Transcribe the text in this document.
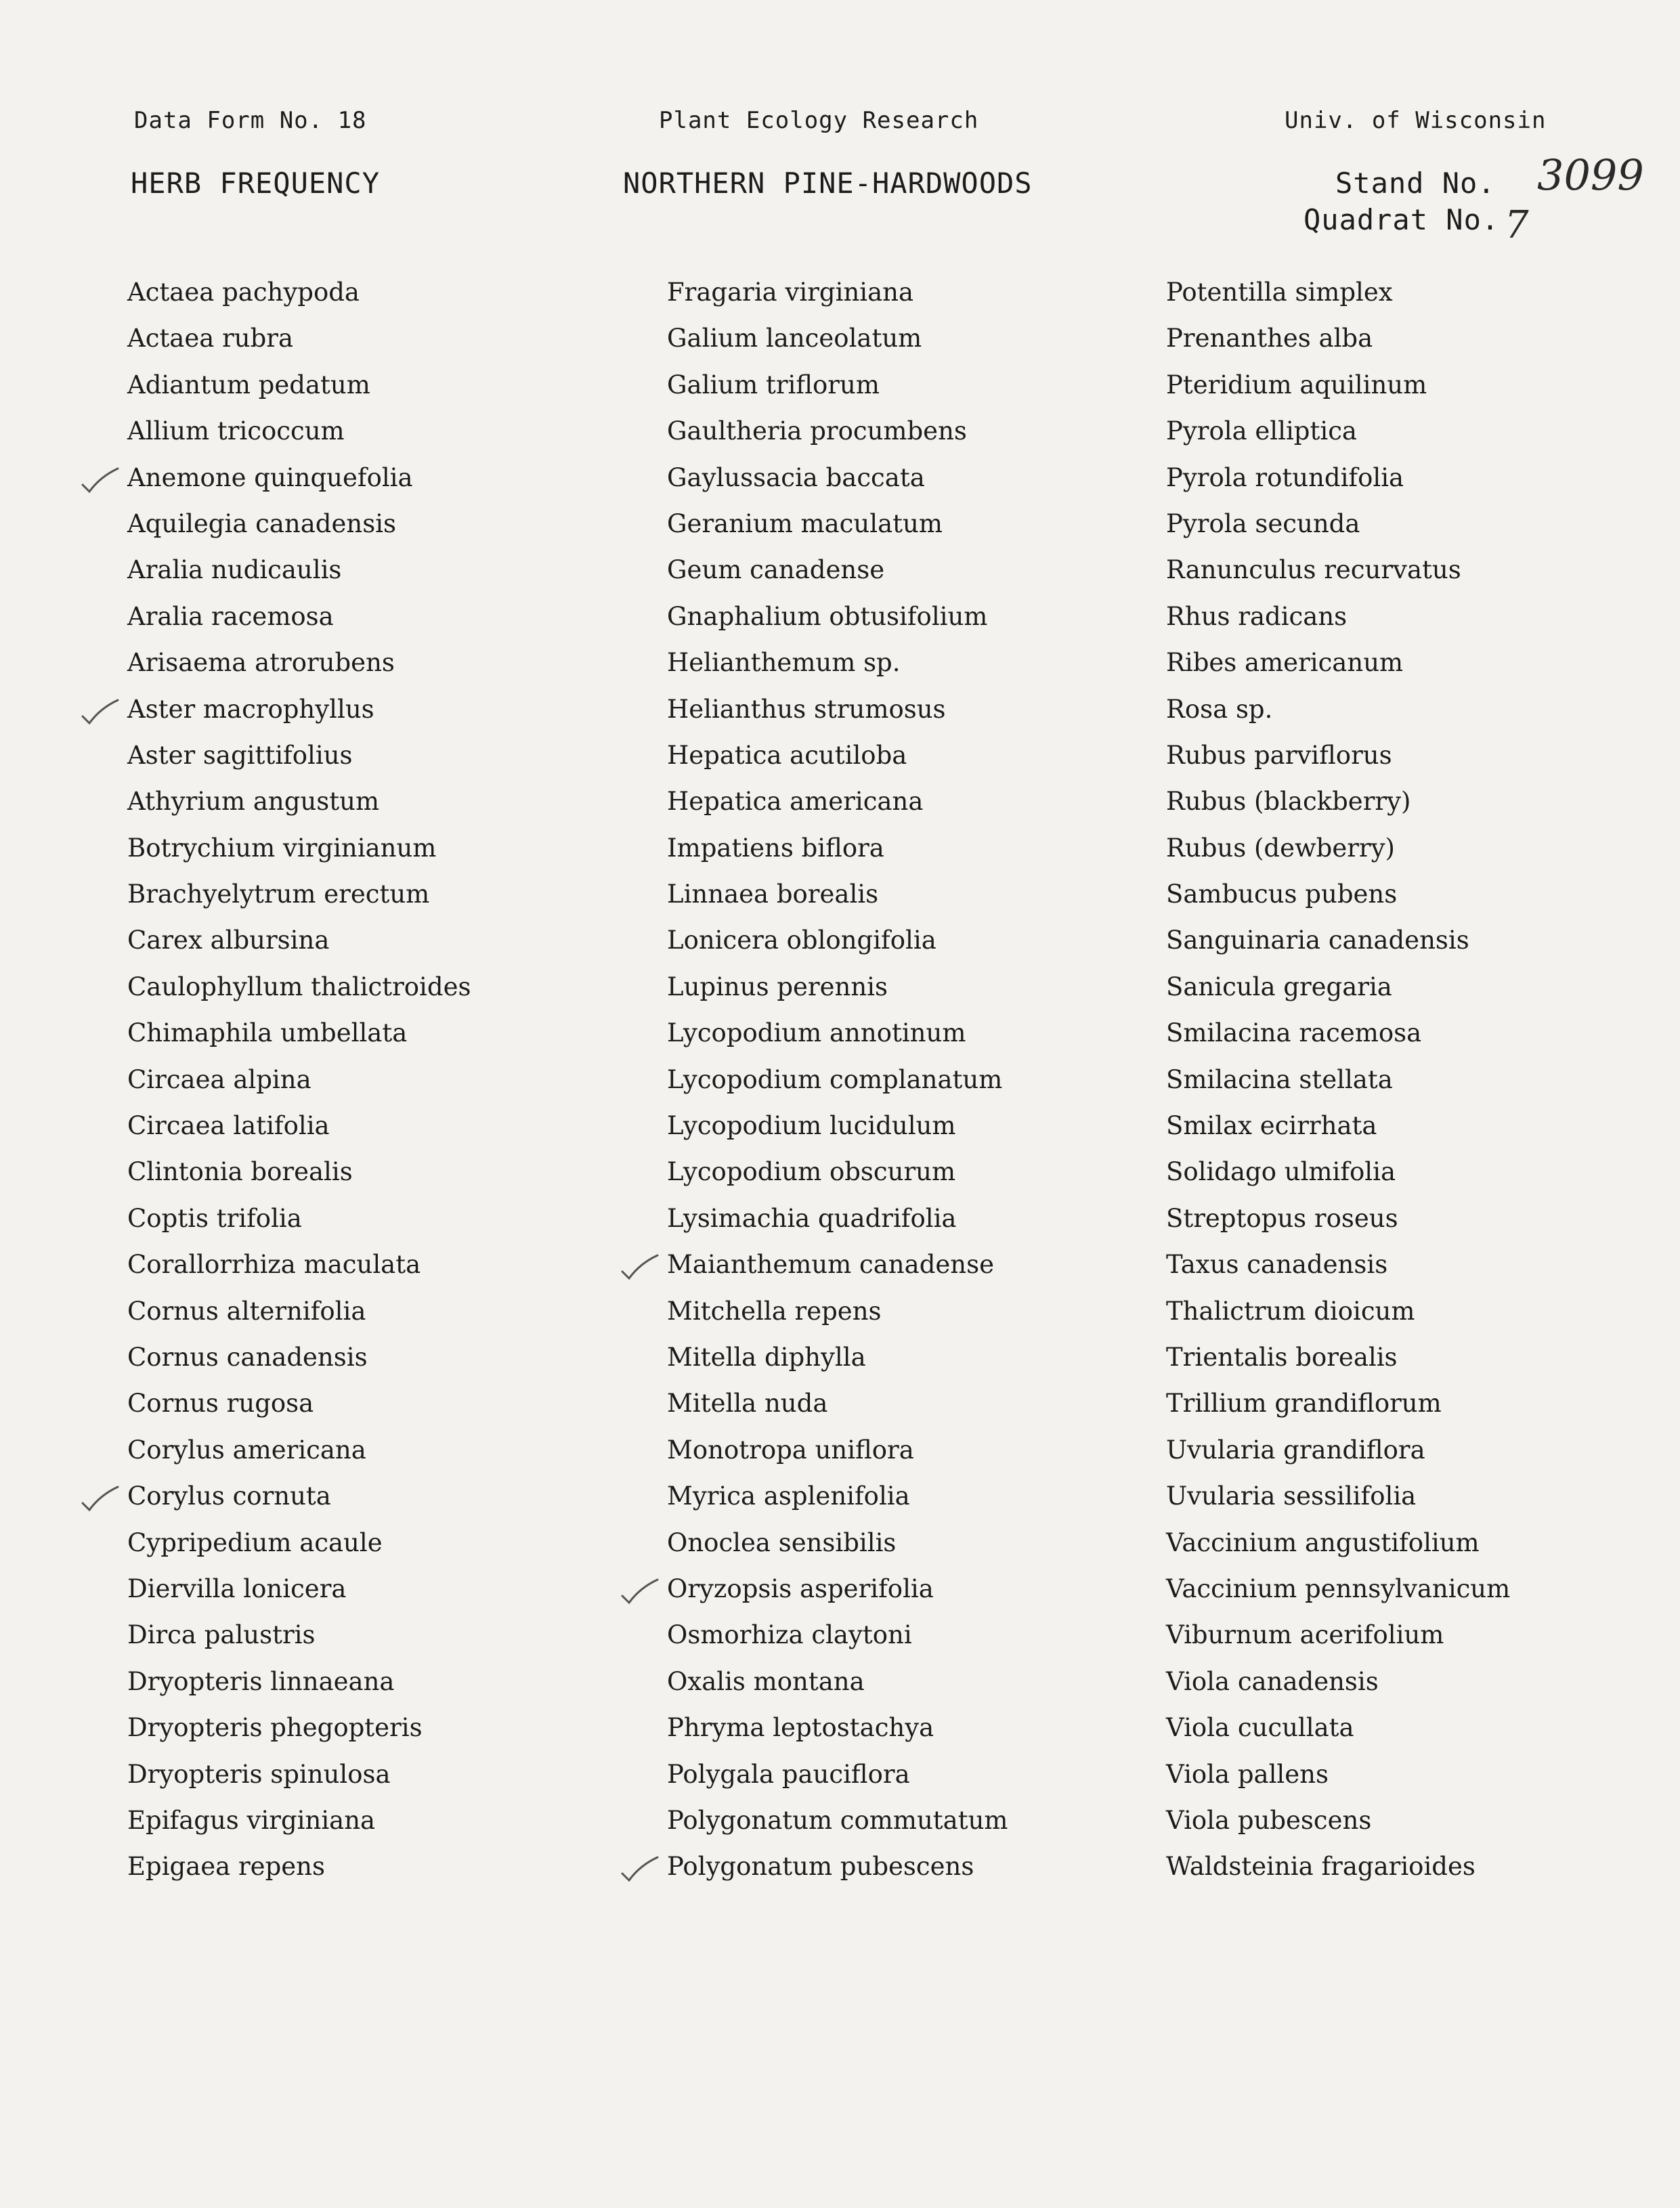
Data Form No. 18	Plant Ecology Research	Univ. of Wisconsin
HERB FREQUENCY	NORTHERN PINE-HARDWOODS	Stand No. 3099
Quadrat No. 7
Actaea pachypoda
Actaea rubra
Adiantum pedatum
Allium tricoccum
Anemone quinquefolia
Aquilegia canadensis
Aralia nudicaulis
Aralia racemosa
Arisaema atrorubens
Aster macrophyllus
Aster sagittifolius
Athyrium angustum
Botrychium virginianum
Brachyelytrum erectum
Carex albursina
Caulophyllum thalictroides
Chimaphila umbellata
Circaea alpina
Circaea latifolia
Clintonia borealis
Coptis trifolia
Corallorrhiza maculata
Cornus alternifolia
Cornus canadensis
Cornus rugosa
Corylus americana
Corylus cornuta
Cypripedium acaule
Diervilla lonicera
Dirca palustris
Dryopteris linnaeana
Dryopteris phegopteris
Dryopteris spinulosa
Epifagus virginiana
Epigaea repens
Fragaria virginiana
Galium lanceolatum
Galium triflorum
Gaultheria procumbens
Gaylussacia baccata
Geranium maculatum
Geum canadense
Gnaphalium obtusifolium
Helianthemum sp.
Helianthus strumosus
Hepatica acutiloba
Hepatica americana
Impatiens biflora
Linnaea borealis
Lonicera oblongifolia
Lupinus perennis
Lycopodium annotinum
Lycopodium complanatum
Lycopodium lucidulum
Lycopodium obscurum
Lysimachia quadrifolia
Maianthemum canadense
Mitchella repens
Mitella diphylla
Mitella nuda
Monotropa uniflora
Myrica asplenifolia
Onoclea sensibilis
Oryzopsis asperifolia
Osmorhiza claytoni
Oxalis montana
Phryma leptostachya
Polygala pauciflora
Polygonatum commutatum
Polygonatum pubescens
Potentilla simplex
Prenanthes alba
Pteridium aquilinum
Pyrola elliptica
Pyrola rotundifolia
Pyrola secunda
Ranunculus recurvatus
Rhus radicans
Ribes americanum
Rosa sp.
Rubus parviflorus
Rubus (blackberry)
Rubus (dewberry)
Sambucus pubens
Sanguinaria canadensis
Sanicula gregaria
Smilacina racemosa
Smilacina stellata
Smilax ecirrhata
Solidago ulmifolia
Streptopus roseus
Taxus canadensis
Thalictrum dioicum
Trientalis borealis
Trillium grandiflorum
Uvularia grandiflora
Uvularia sessilifolia
Vaccinium angustifolium
Vaccinium pennsylvanicum
Viburnum acerifolium
Viola canadensis
Viola cucullata
Viola pallens
Viola pubescens
Waldsteinia fragarioides
